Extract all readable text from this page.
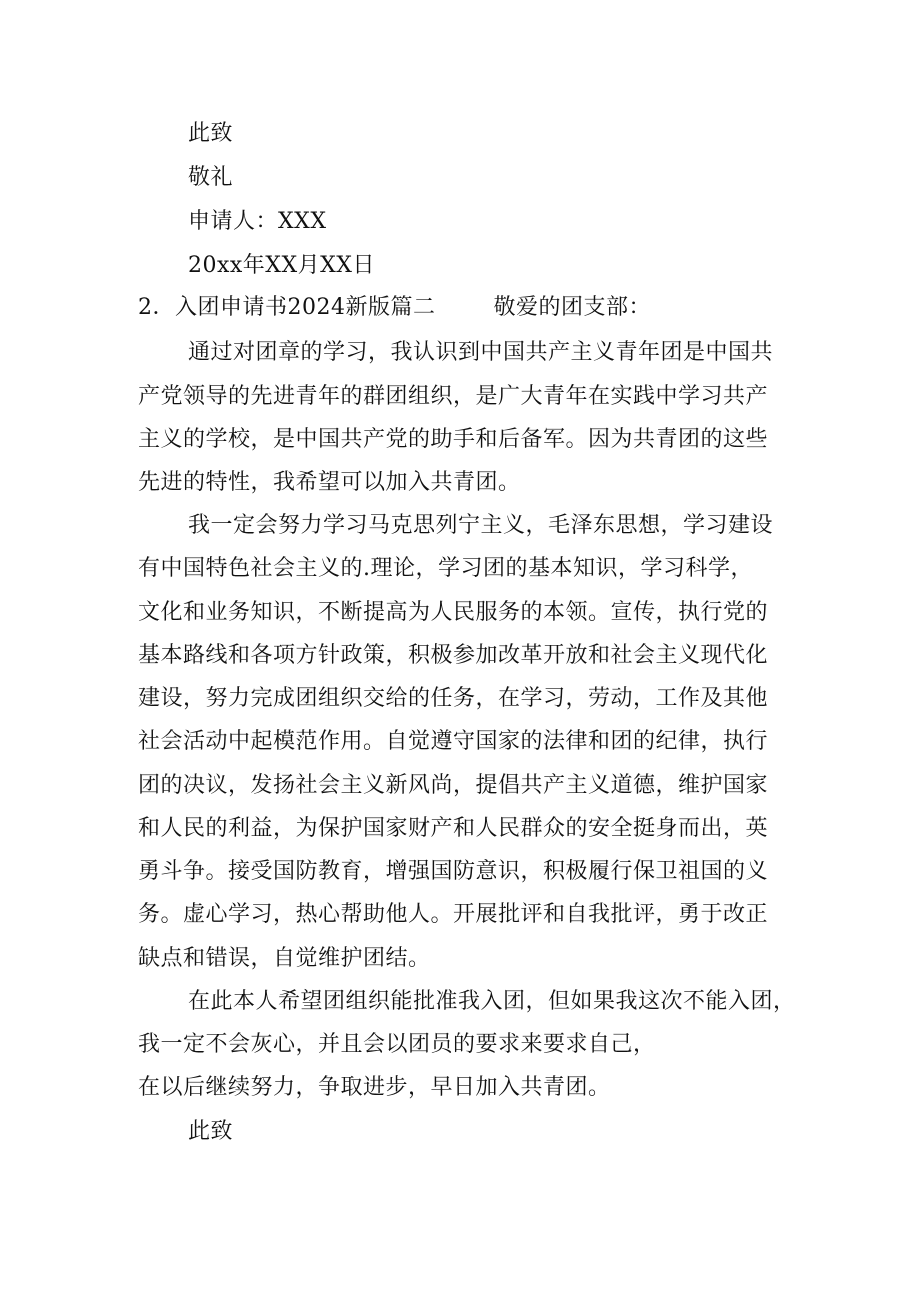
此致
敬礼
申请人：XXX
20xx年XX月XX日
2．入团申请书2024新版篇二	敬爱的团支部：
通过对团章的学习，我认识到中国共产主义青年团是中国共
产党领导的先进青年的群团组织，是广大青年在实践中学习共产
主义的学校，是中国共产党的助手和后备军。因为共青团的这些
先进的特性，我希望可以加入共青团。
我一定会努力学习马克思列宁主义，毛泽东思想，学习建设
有中国特色社会主义的.理论，学习团的基本知识，学习科学，
文化和业务知识，不断提高为人民服务的本领。宣传，执行党的
基本路线和各项方针政策，积极参加改革开放和社会主义现代化
建设，努力完成团组织交给的任务，在学习，劳动，工作及其他
社会活动中起模范作用。自觉遵守国家的法律和团的纪律，执行
团的决议，发扬社会主义新风尚，提倡共产主义道德，维护国家
和人民的利益，为保护国家财产和人民群众的安全挺身而出，英
勇斗争。接受国防教育，增强国防意识，积极履行保卫祖国的义
务。虚心学习，热心帮助他人。开展批评和自我批评，勇于改正
缺点和错误，自觉维护团结。
在此本人希望团组织能批准我入团，但如果我这次不能入团，
我一定不会灰心，并且会以团员的要求来要求自己，
在以后继续努力，争取进步，早日加入共青团。
此致
